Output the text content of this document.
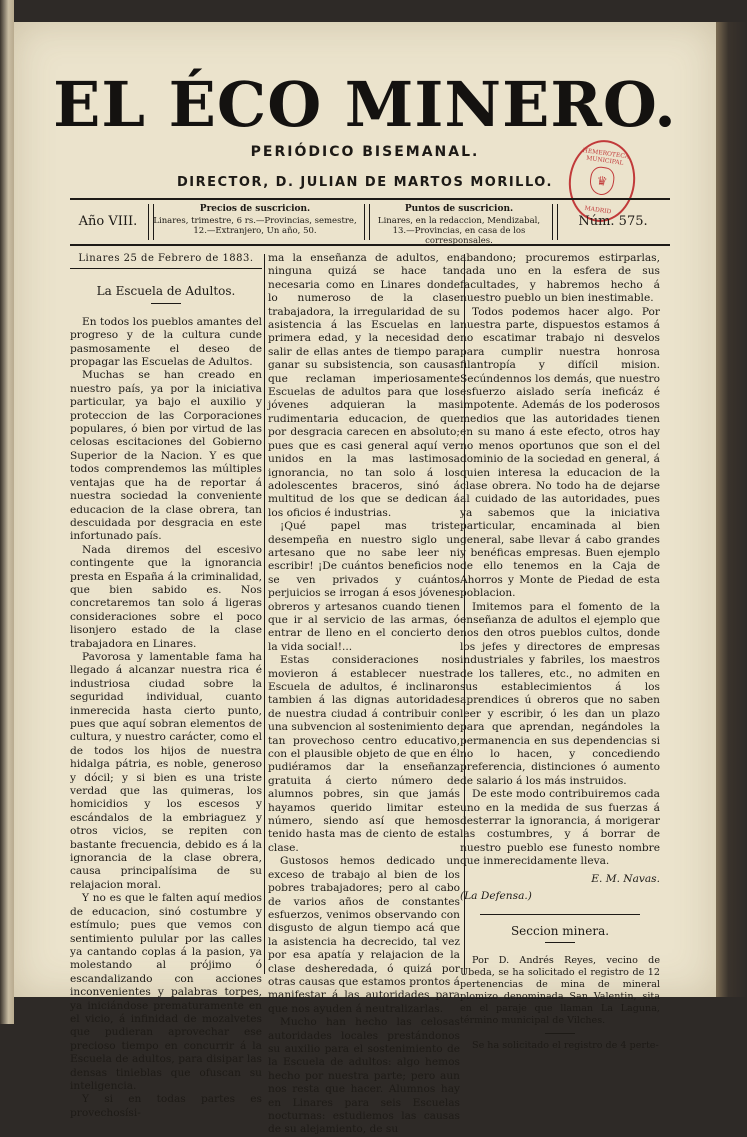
EL ÉCO MINERO.
PERIÓDICO BISEMANAL.
DIRECTOR, D. JULIAN DE MARTOS MORILLO.
HEMEROTECA MUNICIPAL
♛
MADRID
Año VIII.
Precios de suscricion.
Linares, trimestre, 6 rs.—Provincias, semestre, 12.—Extranjero, Un año, 50.
Puntos de suscricion.
Linares, en la redaccion, Mendizabal, 13.—Provincias, en casa de los corresponsales.
Núm. 575.
Linares 25 de Febrero de 1883.
La Escuela de Adultos.

En todos los pueblos amantes del progreso y de la cultura cunde pasmosamente el deseo de propagar las Escuelas de Adultos.

Muchas se han creado en nuestro país, ya por la iniciativa particular, ya bajo el auxilio y proteccion de las Corporaciones populares, ó bien por virtud de las celosas escitaciones del Gobierno Superior de la Nacion. Y es que todos comprendemos las múltiples ventajas que ha de reportar á nuestra sociedad la conveniente educacion de la clase obrera, tan descuidada por desgracia en este infortunado país.

Nada diremos del escesivo contingente que la ignorancia presta en España á la criminalidad, que bien sabido es. Nos concretaremos tan solo á ligeras consideraciones sobre el poco lisonjero estado de la clase trabajadora en Linares.

Pavorosa y lamentable fama ha llegado á alcanzar nuestra rica é industriosa ciudad sobre la seguridad individual, cuanto inmerecida hasta cierto punto, pues que aquí sobran elementos de cultura, y nuestro carácter, como el de todos los hijos de nuestra hidalga pátria, es noble, generoso y dócil; y si bien es una triste verdad que las quimeras, los homicidios y los escesos y escándalos de la embriaguez y otros vicios, se repiten con bastante frecuencia, debido es á la ignorancia de la clase obrera, causa principalísima de su relajacion moral.

Y no es que le falten aquí medios de educacion, sinó costumbre y estímulo; pues que vemos con sentimiento pulular por las calles ya cantando coplas á la pasion, ya molestando al prójimo ó escandalizando con acciones inconvenientes y palabras torpes, ya iniciándose prematuramente en el vicio, á infinidad de mozalvetes que pudieran aprovechar ese precioso tiempo en concurrir á la Escuela de adultos, para disipar las densas tinieblas que ofuscan su inteligencia.

Y si en todas partes es provechosísi-

ma la enseñanza de adultos, en ninguna quizá se hace tan necesaria como en Linares donde lo numeroso de la clase trabajadora, la irregularidad de su asistencia á las Escuelas en la primera edad, y la necesidad de salir de ellas antes de tiempo para ganar su subsistencia, son causas que reclaman imperiosamente Escuelas de adultos para que los jóvenes adquieran la mas rudimentaria educacion, de que por desgracia carecen en absoluto; pues que es casi general aquí ver unidos en la mas lastimosa ignorancia, no tan solo á los adolescentes braceros, sinó á multitud de los que se dedican á los oficios é industrias.

¡Qué papel mas triste desempeña en nuestro siglo un artesano que no sabe leer ni escribir! ¡De cuántos beneficios no se ven privados y cuántos perjuicios se irrogan á esos jóvenes obreros y artesanos cuando tienen que ir al servicio de las armas, ó entrar de lleno en el concierto de la vida social!...

Estas consideraciones nos movieron á establecer nuestra Escuela de adultos, é inclinaron tambien á las dignas autoridades de nuestra ciudad á contribuir con una subvencion al sostenimiento de tan provechoso centro educativo, con el plausible objeto de que en él pudiéramos dar la enseñanza gratuita á cierto número de alumnos pobres, sin que jamás hayamos querido limitar este número, siendo así que hemos tenido hasta mas de ciento de esta clase.

Gustosos hemos dedicado un exceso de trabajo al bien de los pobres trabajadores; pero al cabo de varios años de constantes esfuerzos, venimos observando con disgusto de algun tiempo acá que la asistencia ha decrecido, tal vez por esa apatía y relajacion de la clase desheredada, ó quizá por otras causas que estamos prontos á manifestar á las autoridades para que nos ayuden á neutralizarlas.

Mucho han hecho las celosas autoridades locales prestándonos su auxilio para el sostenimiento de la Escuela de adultos: algo hemos hecho por nuestra parte; pero aun nos resta que hacer. Alumnos hay en Linares para seis Escuelas nocturnas: estudiemos las causas de su alejamiento, de su

abandono; procuremos estirparlas, cada uno en la esfera de sus facultades, y habremos hecho á nuestro pueblo un bien inestimable.

Todos podemos hacer algo. Por nuestra parte, dispuestos estamos á no escatimar trabajo ni desvelos para cumplir nuestra honrosa filantropía y difícil mision. Secúndennos los demás, que nuestro esfuerzo aislado sería ineficáz é impotente. Además de los poderosos medios que las autoridades tienen en su mano á este efecto, otros hay no menos oportunos que son el del dominio de la sociedad en general, á quien interesa la educacion de la clase obrera. No todo ha de dejarse al cuidado de las autoridades, pues ya sabemos que la iniciativa particular, encaminada al bien general, sabe llevar á cabo grandes y benéficas empresas. Buen ejemplo de ello tenemos en la Caja de Ahorros y Monte de Piedad de esta poblacion.

Imitemos para el fomento de la enseñanza de adultos el ejemplo que nos den otros pueblos cultos, donde los jefes y directores de empresas industriales y fabriles, los maestros de los talleres, etc., no admiten en sus establecimientos á los aprendices ú obreros que no saben leer y escribir, ó les dan un plazo para que aprendan, negándoles la permanencia en sus dependencias si no lo hacen, y concediendo preferencia, distinciones ó aumento de salario á los más instruidos.

De este modo contribuiremos cada uno en la medida de sus fuerzas á desterrar la ignorancia, á morigerar las costumbres, y á borrar de nuestro pueblo ese funesto nombre que inmerecidamente lleva.

E. M. Navas.
(La Defensa.)
Seccion minera.

Por D. Andrés Reyes, vecino de Ubeda, se ha solicitado el registro de 12 pertenencias de mina de mineral plomizo denominada San Valentin, sita en el paraje que llaman La Laguna, término municipal de Vilches.

Se ha solicitado el registro de 4 perte-
